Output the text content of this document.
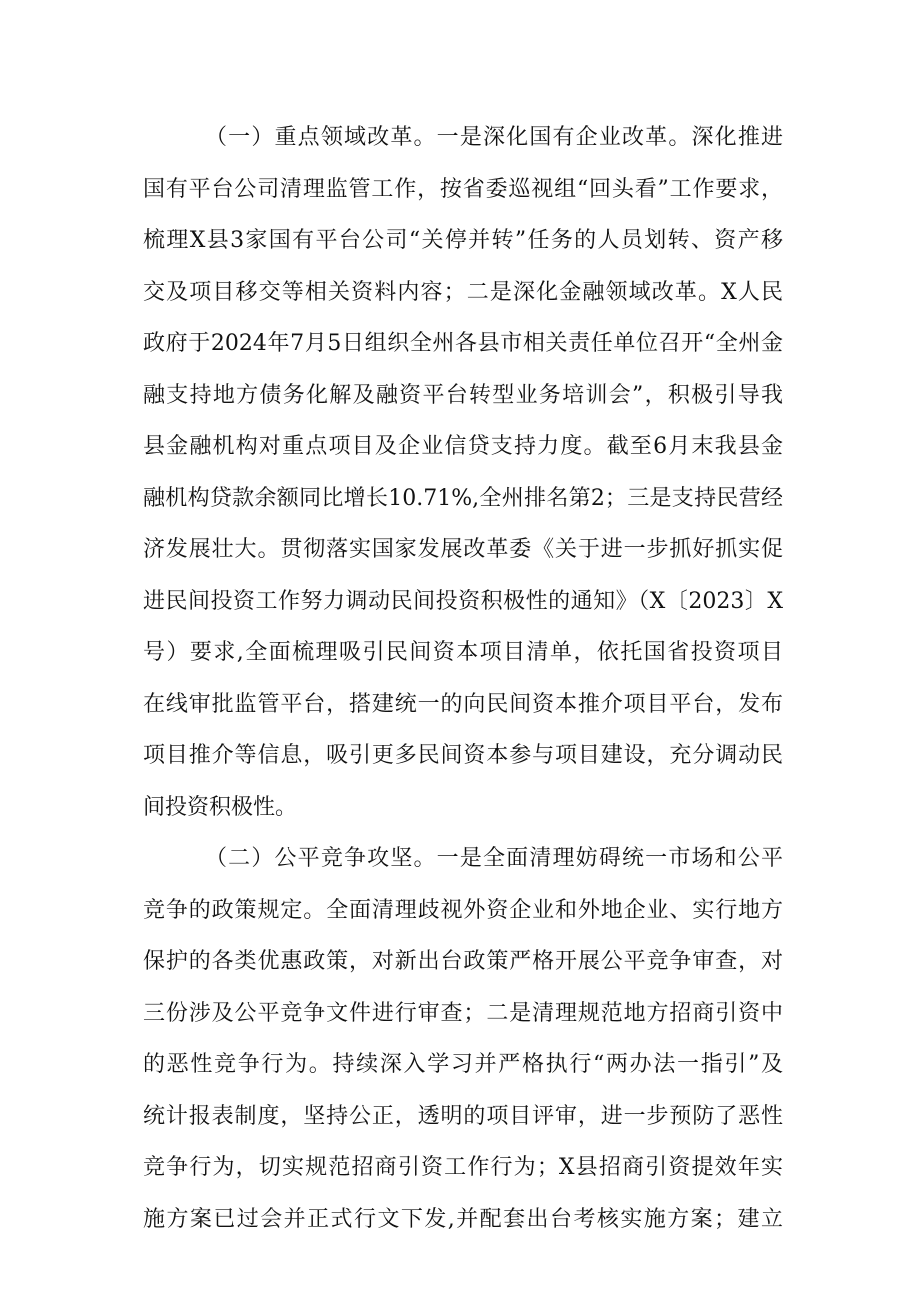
（一）重点领域改革。一是深化国有企业改革。深化推进
国有平台公司清理监管工作，按省委巡视组“回头看”工作要求，
梳理X县3家国有平台公司“关停并转”任务的人员划转、资产移
交及项目移交等相关资料内容；二是深化金融领域改革。X人民
政府于2024年7月5日组织全州各县市相关责任单位召开“全州金
融支持地方债务化解及融资平台转型业务培训会”，积极引导我
县金融机构对重点项目及企业信贷支持力度。截至6月末我县金
融机构贷款余额同比增长10.71%,全州排名第2；三是支持民营经
济发展壮大。贯彻落实国家发展改革委《关于进一步抓好抓实促
进民间投资工作努力调动民间投资积极性的通知》（X〔2023〕X
号）要求,全面梳理吸引民间资本项目清单，依托国省投资项目
在线审批监管平台，搭建统一的向民间资本推介项目平台，发布
项目推介等信息，吸引更多民间资本参与项目建设，充分调动民
间投资积极性。
（二）公平竞争攻坚。一是全面清理妨碍统一市场和公平
竞争的政策规定。全面清理歧视外资企业和外地企业、实行地方
保护的各类优惠政策，对新出台政策严格开展公平竞争审查，对
三份涉及公平竞争文件进行审查；二是清理规范地方招商引资中
的恶性竞争行为。持续深入学习并严格执行“两办法一指引”及
统计报表制度，坚持公正，透明的项目评审，进一步预防了恶性
竞争行为，切实规范招商引资工作行为；X县招商引资提效年实
施方案已过会并正式行文下发,并配套出台考核实施方案；建立
